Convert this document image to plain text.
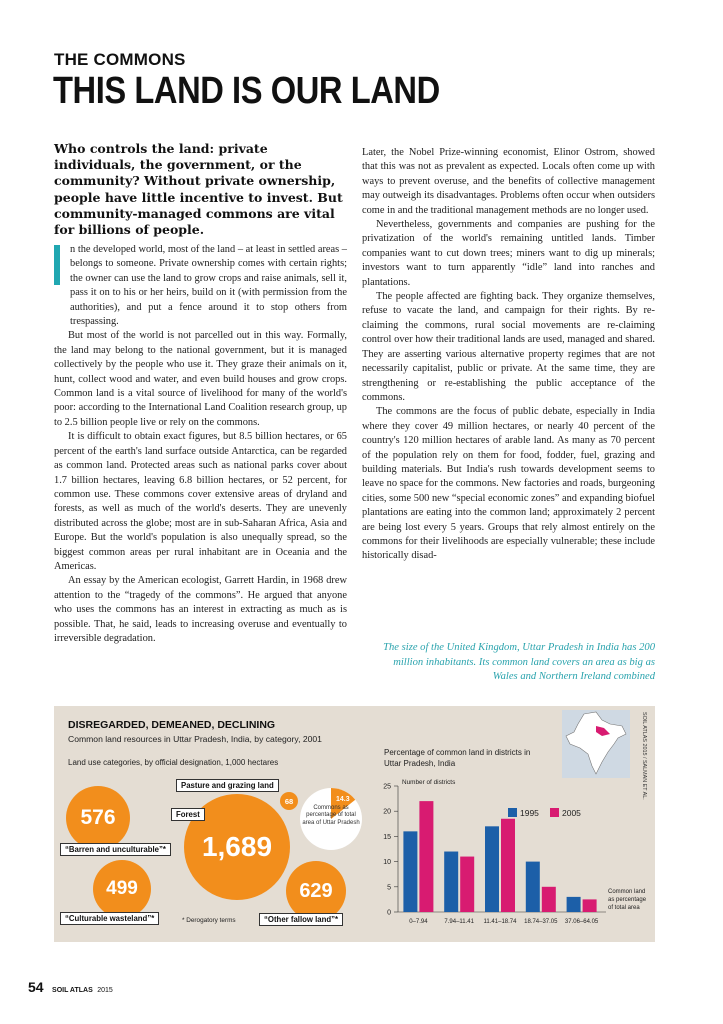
THE COMMONS
THIS LAND IS OUR LAND
Who controls the land: private individuals, the government, or the community? Without private ownership, people have little incentive to invest. But community-managed commons are vital for billions of people.

n the developed world, most of the land – at least in settled areas – belongs to someone. Private ownership comes with certain rights; the owner can use the land to grow crops and raise animals, sell it, pass it on to his or her heirs, build on it (with permission from the authorities), and put a fence around it to stop others from trespassing.

But most of the world is not parcelled out in this way. Formally, the land may belong to the national government, but it is managed collectively by the people who use it. They graze their animals on it, hunt, collect wood and water, and even build houses and grow crops. Common land is a vital source of livelihood for many of the world's poor: according to the International Land Coalition research group, up to 2.5 billion people live or rely on the commons.

It is difficult to obtain exact figures, but 8.5 billion hectares, or 65 percent of the earth's land surface outside Antarctica, can be regarded as common land. Protected areas such as national parks cover about 1.7 billion hectares, leaving 6.8 billion hectares, or 52 percent, for common use. These commons cover extensive areas of dryland and forests, as well as much of the world's deserts. They are unevenly distributed across the globe; most are in sub-Saharan Africa, Asia and Europe. But the world's population is also unequally spread, so the biggest common areas per rural inhabitant are in Oceania and the Americas.

An essay by the American ecologist, Garrett Hardin, in 1968 drew attention to the “tragedy of the commons”. He argued that anyone who uses the commons has an interest in extracting as much as is possible. That, he said, leads to increasing overuse and eventually to irreversible degradation.

Later, the Nobel Prize-winning economist, Elinor Ostrom, showed that this was not as prevalent as expected. Locals often come up with ways to prevent overuse, and the benefits of collective management may outweigh its disadvantages. Problems often occur when outsiders come in and the traditional management methods are no longer used.

Nevertheless, governments and companies are pushing for the privatization of the world's remaining untitled lands. Timber companies want to cut down trees; miners want to dig up minerals; investors want to turn apparently “idle” land into ranches and plantations.

The people affected are fighting back. They organize themselves, refuse to vacate the land, and campaign for their rights. By re-claiming the commons, rural social movements are re-claiming control over how their traditional lands are used, managed and shared. They are asserting various alternative property regimes that are not necessarily capitalist, public or private. At the same time, they are strengthening or re-establishing the public acceptance of the commons.

The commons are the focus of public debate, especially in India where they cover 49 million hectares, or nearly 40 percent of the country's 120 million hectares of arable land. As many as 70 percent of the population rely on them for food, fodder, fuel, grazing and building materials. But India's rush towards development seems to leave no space for the commons. New factories and roads, burgeoning cities, some 500 new “special economic zones” and expanding biofuel plantations are eating into the common land; approximately 2 percent are being lost every 5 years. Groups that rely almost entirely on the commons for their livelihoods are especially vulnerable; these include historically disad-

The size of the United Kingdom, Uttar Pradesh in India has 200 million inhabitants. Its common land covers an area as big as Wales and Northern Ireland combined
DISREGARDED, DEMEANED, DECLINING
Common land resources in Uttar Pradesh, India, by category, 2001
Land use categories, by official designation, 1,000 hectares
576
“Barren and unculturable”*
499
“Culturable wasteland”*
1,689
Forest
68
Pasture and grazing land
629
“Other fallow land”*
14.3
Commons as percentage of total area of Uttar Pradesh
* Derogatory terms
SOIL ATLAS 2015 / SALMAN ET AL.
Percentage of common land in districts in Uttar Pradesh, India
0
5
10
15
20
25
Number of districts
0–7.94	7.94–11.41 11.41–18.74 18.74–37.05 37.06–64.05
1995	2005
Common land
as percentage
of total area
54 SOIL ATLAS 2015
